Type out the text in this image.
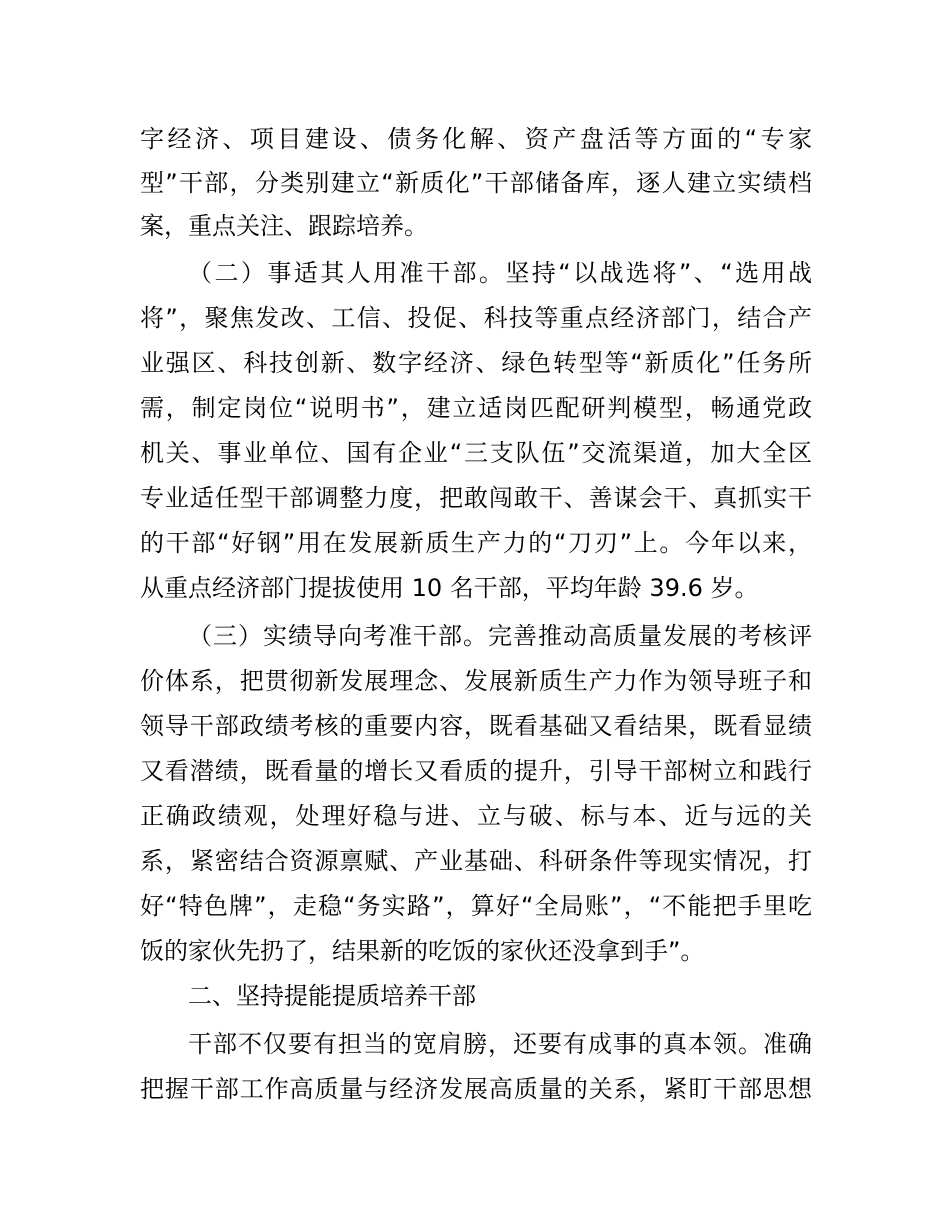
字经济、项目建设、债务化解、资产盘活等方面的“专家
型”干部，分类别建立“新质化”干部储备库，逐人建立实绩档
案，重点关注、跟踪培养。
（二）事适其人用准干部。坚持“以战选将”、“选用战
将”，聚焦发改、工信、投促、科技等重点经济部门，结合产
业强区、科技创新、数字经济、绿色转型等“新质化”任务所
需，制定岗位“说明书”，建立适岗匹配研判模型，畅通党政
机关、事业单位、国有企业“三支队伍”交流渠道，加大全区
专业适任型干部调整力度，把敢闯敢干、善谋会干、真抓实干
的干部“好钢”用在发展新质生产力的“刀刃”上。今年以来，
从重点经济部门提拔使用 10 名干部，平均年龄 39.6 岁。
（三）实绩导向考准干部。完善推动高质量发展的考核评
价体系，把贯彻新发展理念、发展新质生产力作为领导班子和
领导干部政绩考核的重要内容，既看基础又看结果，既看显绩
又看潜绩，既看量的增长又看质的提升，引导干部树立和践行
正确政绩观，处理好稳与进、立与破、标与本、近与远的关
系，紧密结合资源禀赋、产业基础、科研条件等现实情况，打
好“特色牌”，走稳“务实路”，算好“全局账”，“不能把手里吃
饭的家伙先扔了，结果新的吃饭的家伙还没拿到手”。
二、坚持提能提质培养干部
干部不仅要有担当的宽肩膀，还要有成事的真本领。准确
把握干部工作高质量与经济发展高质量的关系，紧盯干部思想
